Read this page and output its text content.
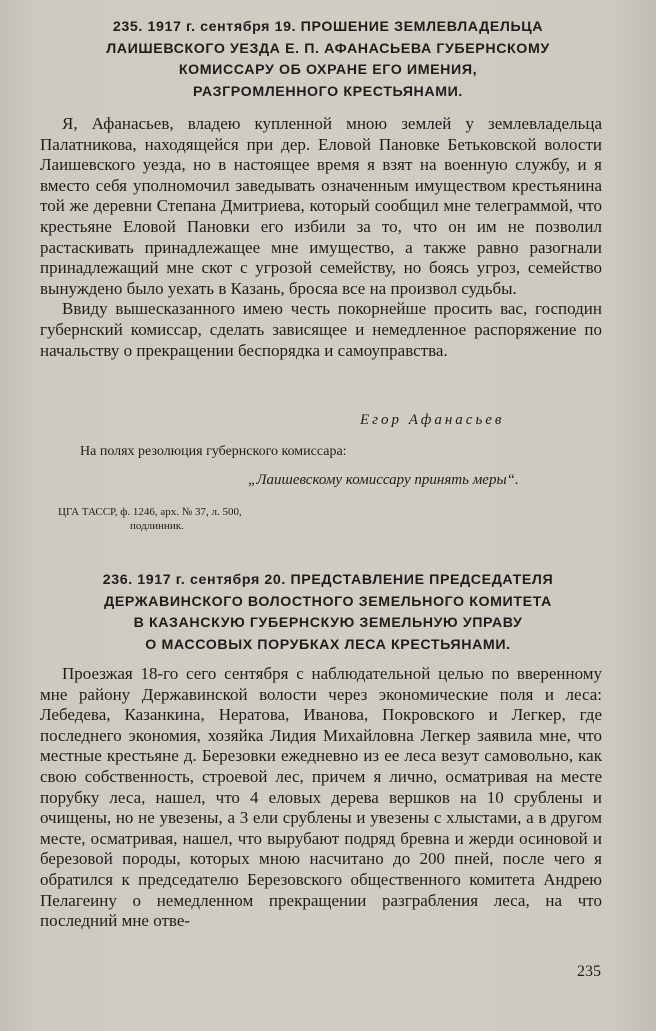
235. 1917 г. сентября 19. ПРОШЕНИЕ ЗЕМЛЕВЛАДЕЛЬЦА
ЛАИШЕВСКОГО УЕЗДА Е. П. АФАНАСЬЕВА ГУБЕРНСКОМУ
КОМИССАРУ ОБ ОХРАНЕ ЕГО ИМЕНИЯ,
РАЗГРОМЛЕННОГО КРЕСТЬЯНАМИ.

Я, Афанасьев, владею купленной мною землей у землевладельца Палатникова, находящейся при дер. Еловой Пановке Бетьковской волости Лаишевского уезда, но в настоящее время я взят на военную службу, и я вместо себя уполномочил заведывать означенным имуществом крестьянина той же деревни Степана Дмитриева, который сообщил мне телеграммой, что крестьяне Еловой Пановки его избили за то, что он им не позволил растаскивать принадлежащее мне имущество, а также равно разогнали принадлежащий мне скот с угрозой семейству, но боясь угроз, семейство вынуждено было уехать в Казань, бросяа все на произвол судьбы.

Ввиду вышесказанного имею честь покорнейше просить вас, господин губернский комиссар, сделать зависящее и немедленное распоряжение по начальству о прекращении беспорядка и самоуправства.

Егор Афанасьев
На полях резолюция губернского комиссара:
„Лаишевскому комиссару принять меры“.
ЦГА ТАССР, ф. 1246, арх. № 37, л. 500,
подлинник.
236. 1917 г. сентября 20. ПРЕДСТАВЛЕНИЕ ПРЕДСЕДАТЕЛЯ
ДЕРЖАВИНСКОГО ВОЛОСТНОГО ЗЕМЕЛЬНОГО КОМИТЕТА
В КАЗАНСКУЮ ГУБЕРНСКУЮ ЗЕМЕЛЬНУЮ УПРАВУ
О МАССОВЫХ ПОРУБКАХ ЛЕСА КРЕСТЬЯНАМИ.

Проезжая 18-го сего сентября с наблюдательной целью по вверенному мне району Державинской волости через экономические поля и леса: Лебедева, Казанкина, Нератова, Иванова, Покровского и Легкер, где последнего экономия, хозяйка Лидия Михайловна Легкер заявила мне, что местные крестьяне д. Березовки ежедневно из ее леса везут самовольно, как свою собственность, строевой лес, причем я лично, осматривая на месте порубку леса, нашел, что 4 еловых дерева вершков на 10 срублены и очищены, но не увезены, а 3 ели срублены и увезены с хлыстами, а в другом месте, осматривая, нашел, что вырубают подряд бревна и жерди осиновой и березовой породы, которых мною насчитано до 200 пней, после чего я обратился к председателю Березовского общественного комитета Андрею Пелагеину о немедленном прекращении разграбления леса, на что последний мне отве-

235
